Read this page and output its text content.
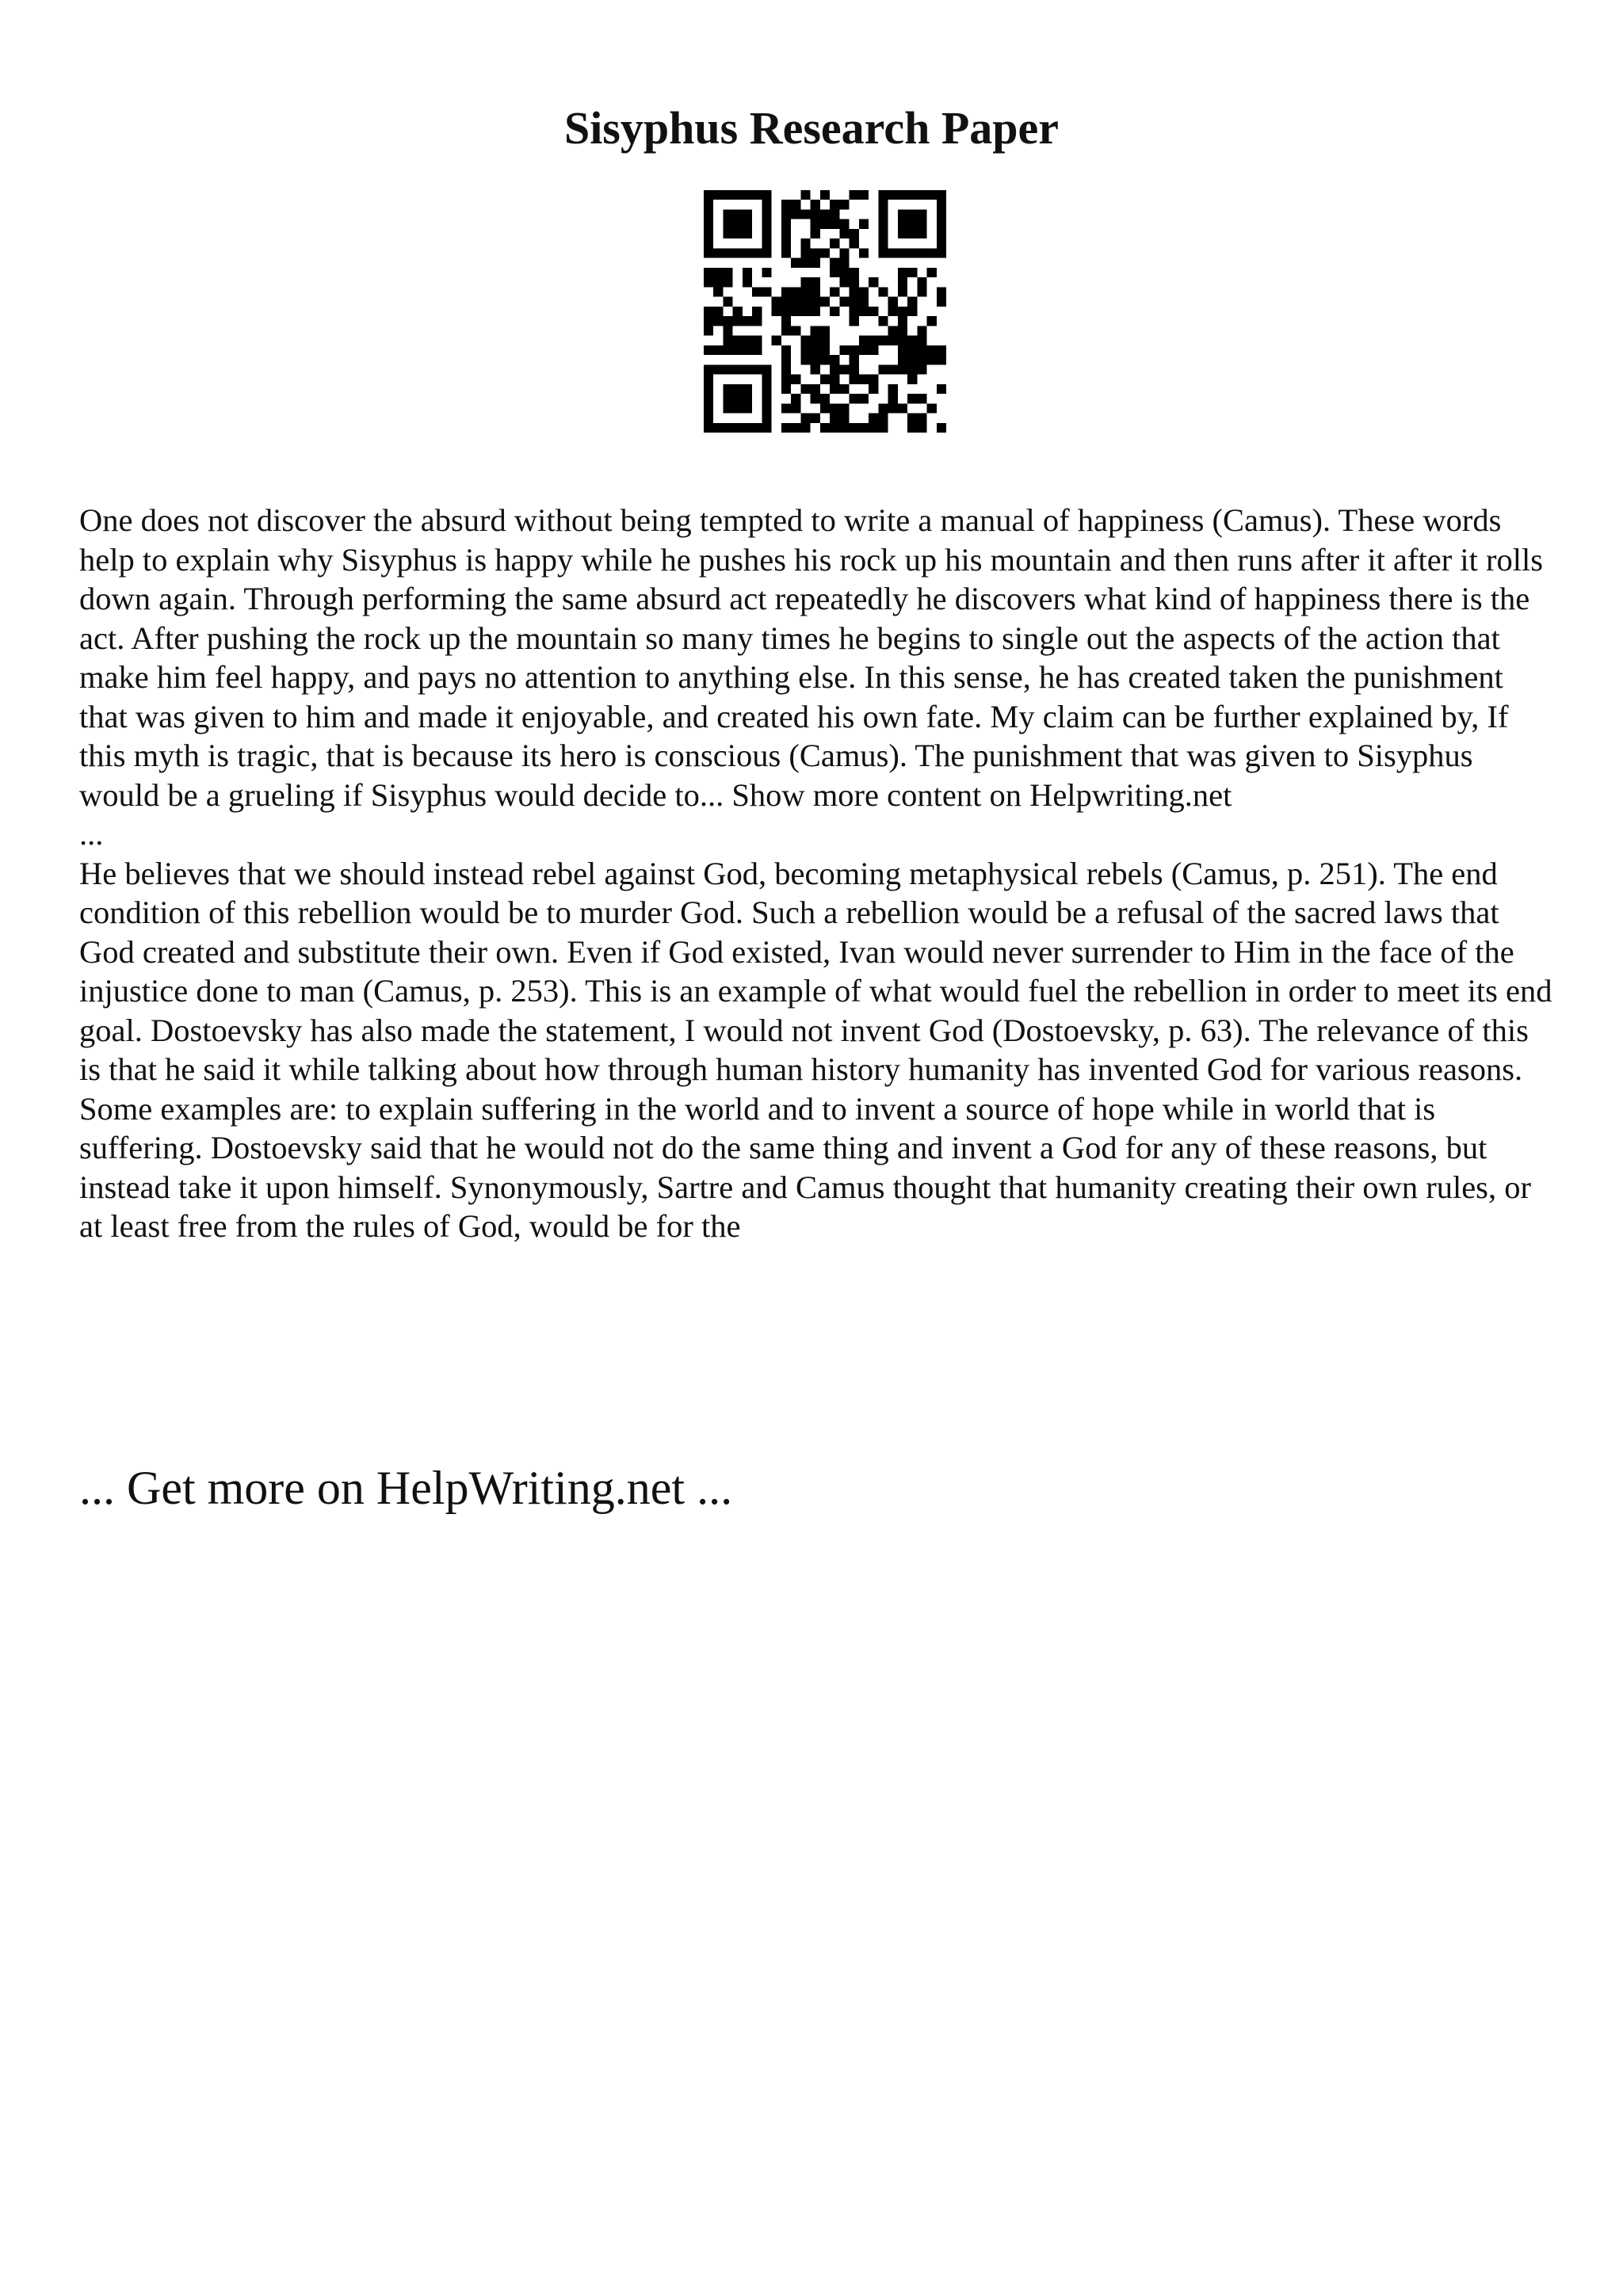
Sisyphus Research Paper

One does not discover the absurd without being tempted to write a manual of happiness (Camus). These words help to explain why Sisyphus is happy while he pushes his rock up his mountain and then runs after it after it rolls down again. Through performing the same absurd act repeatedly he discovers what kind of happiness there is the act. After pushing the rock up the mountain so many times he begins to single out the aspects of the action that make him feel happy, and pays no attention to anything else. In this sense, he has created taken the punishment that was given to him and made it enjoyable, and created his own fate. My claim can be further explained by, If this myth is tragic, that is because its hero is conscious (Camus). The punishment that was given to Sisyphus would be a grueling if Sisyphus would decide to... Show more content on Helpwriting.net

...

He believes that we should instead rebel against God, becoming metaphysical rebels (Camus, p. 251). The end condition of this rebellion would be to murder God. Such a rebellion would be a refusal of the sacred laws that God created and substitute their own. Even if God existed, Ivan would never surrender to Him in the face of the injustice done to man (Camus, p. 253). This is an example of what would fuel the rebellion in order to meet its end goal. Dostoevsky has also made the statement, I would not invent God (Dostoevsky, p. 63). The relevance of this is that he said it while talking about how through human history humanity has invented God for various reasons. Some examples are: to explain suffering in the world and to invent a source of hope while in world that is suffering. Dostoevsky said that he would not do the same thing and invent a God for any of these reasons, but instead take it upon himself. Synonymously, Sartre and Camus thought that humanity creating their own rules, or at least free from the rules of God, would be for the

... Get more on HelpWriting.net ...
